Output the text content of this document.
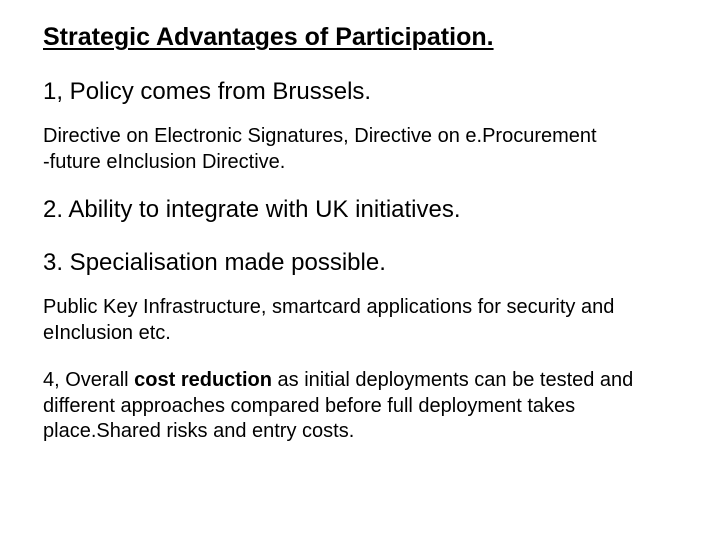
Strategic Advantages of Participation.

1, Policy comes from Brussels.

Directive on Electronic Signatures, Directive on e.Procurement -future eInclusion Directive.

2. Ability to integrate with UK initiatives.

3. Specialisation made possible.

Public Key Infrastructure, smartcard applications for security and eInclusion etc.

4, Overall cost reduction as initial deployments can be tested and different approaches compared before full deployment takes place.Shared risks and entry costs.
